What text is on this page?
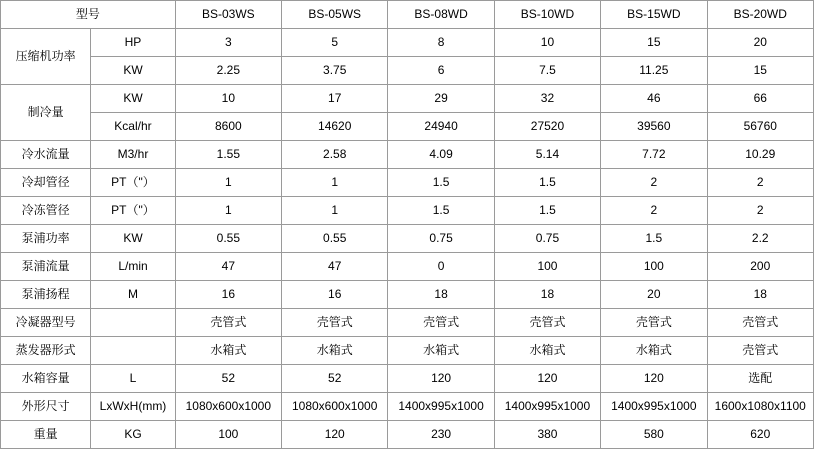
型号		BS-03WS	BS-05WS	BS-08WD	BS-10WD	BS-15WD	BS-20WD
压缩机功率	HP	3	5	8	10	15	20
	KW	2.25	3.75	6	7.5	11.25	15
制冷量	KW	10	17	29	32	46	66
	Kcal/hr	8600	14620	24940	27520	39560	56760
冷水流量	M3/hr	1.55	2.58	4.09	5.14	7.72	10.29
冷却管径	PT（"）	1	1	1.5	1.5	2	2
冷冻管径	PT（"）	1	1	1.5	1.5	2	2
泵浦功率	KW	0.55	0.55	0.75	0.75	1.5	2.2
泵浦流量	L/min	47	47	0	100	100	200
泵浦扬程	M	16	16	18	18	20	18
冷凝器型号		壳管式	壳管式	壳管式	壳管式	壳管式	壳管式
蒸发器形式		水箱式	水箱式	水箱式	水箱式	水箱式	壳管式
水箱容量	L	52	52	120	120	120	选配
外形尺寸	LxWxH(mm)	1080x600x1000	1080x600x1000	1400x995x1000	1400x995x1000	1400x995x1000	1600x1080x1100
重量	KG	100	120	230	380	580	620
